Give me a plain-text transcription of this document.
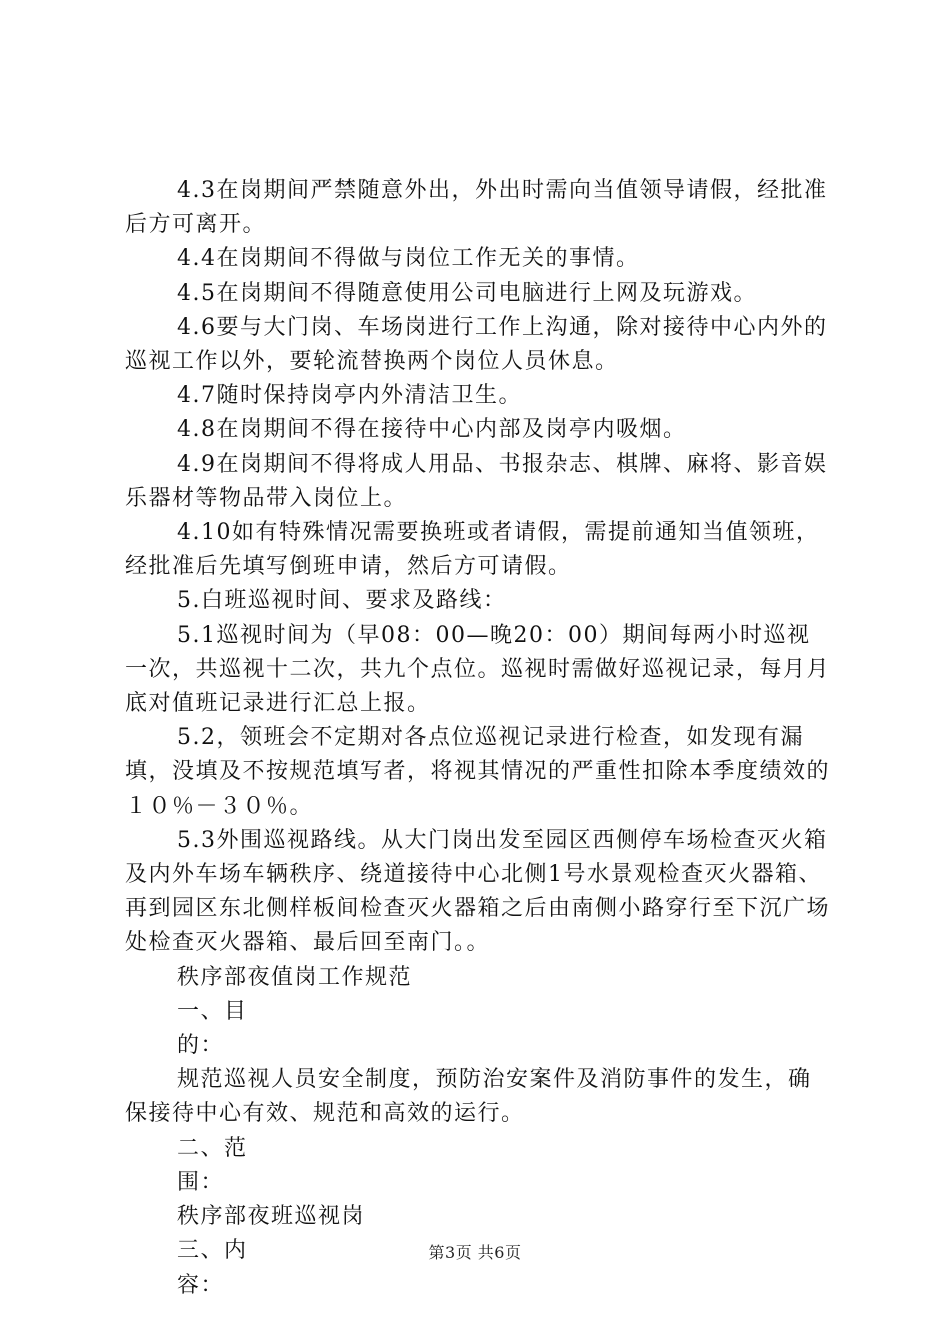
4.3在岗期间严禁随意外出，外出时需向当值领导请假，经批准后方可离开。

4.4在岗期间不得做与岗位工作无关的事情。

4.5在岗期间不得随意使用公司电脑进行上网及玩游戏。

4.6要与大门岗、车场岗进行工作上沟通，除对接待中心内外的巡视工作以外，要轮流替换两个岗位人员休息。

4.7随时保持岗亭内外清洁卫生。

4.8在岗期间不得在接待中心内部及岗亭内吸烟。

4.9在岗期间不得将成人用品、书报杂志、棋牌、麻将、影音娱乐器材等物品带入岗位上。

4.10如有特殊情况需要换班或者请假，需提前通知当值领班，经批准后先填写倒班申请，然后方可请假。

5.白班巡视时间、要求及路线：

5.1巡视时间为（早08：00—晚20：00）期间每两小时巡视一次，共巡视十二次，共九个点位。巡视时需做好巡视记录，每月月底对值班记录进行汇总上报。

5.2，领班会不定期对各点位巡视记录进行检查，如发现有漏填，没填及不按规范填写者，将视其情况的严重性扣除本季度绩效的１０％－３０％。

5.3外围巡视路线。从大门岗出发至园区西侧停车场检查灭火箱及内外车场车辆秩序、绕道接待中心北侧1号水景观检查灭火器箱、再到园区东北侧样板间检查灭火器箱之后由南侧小路穿行至下沉广场处检查灭火器箱、最后回至南门。。

秩序部夜值岗工作规范

一、目

的：

规范巡视人员安全制度，预防治安案件及消防事件的发生，确保接待中心有效、规范和高效的运行。

二、范

围：

秩序部夜班巡视岗

三、内

容：

第3页 共6页
